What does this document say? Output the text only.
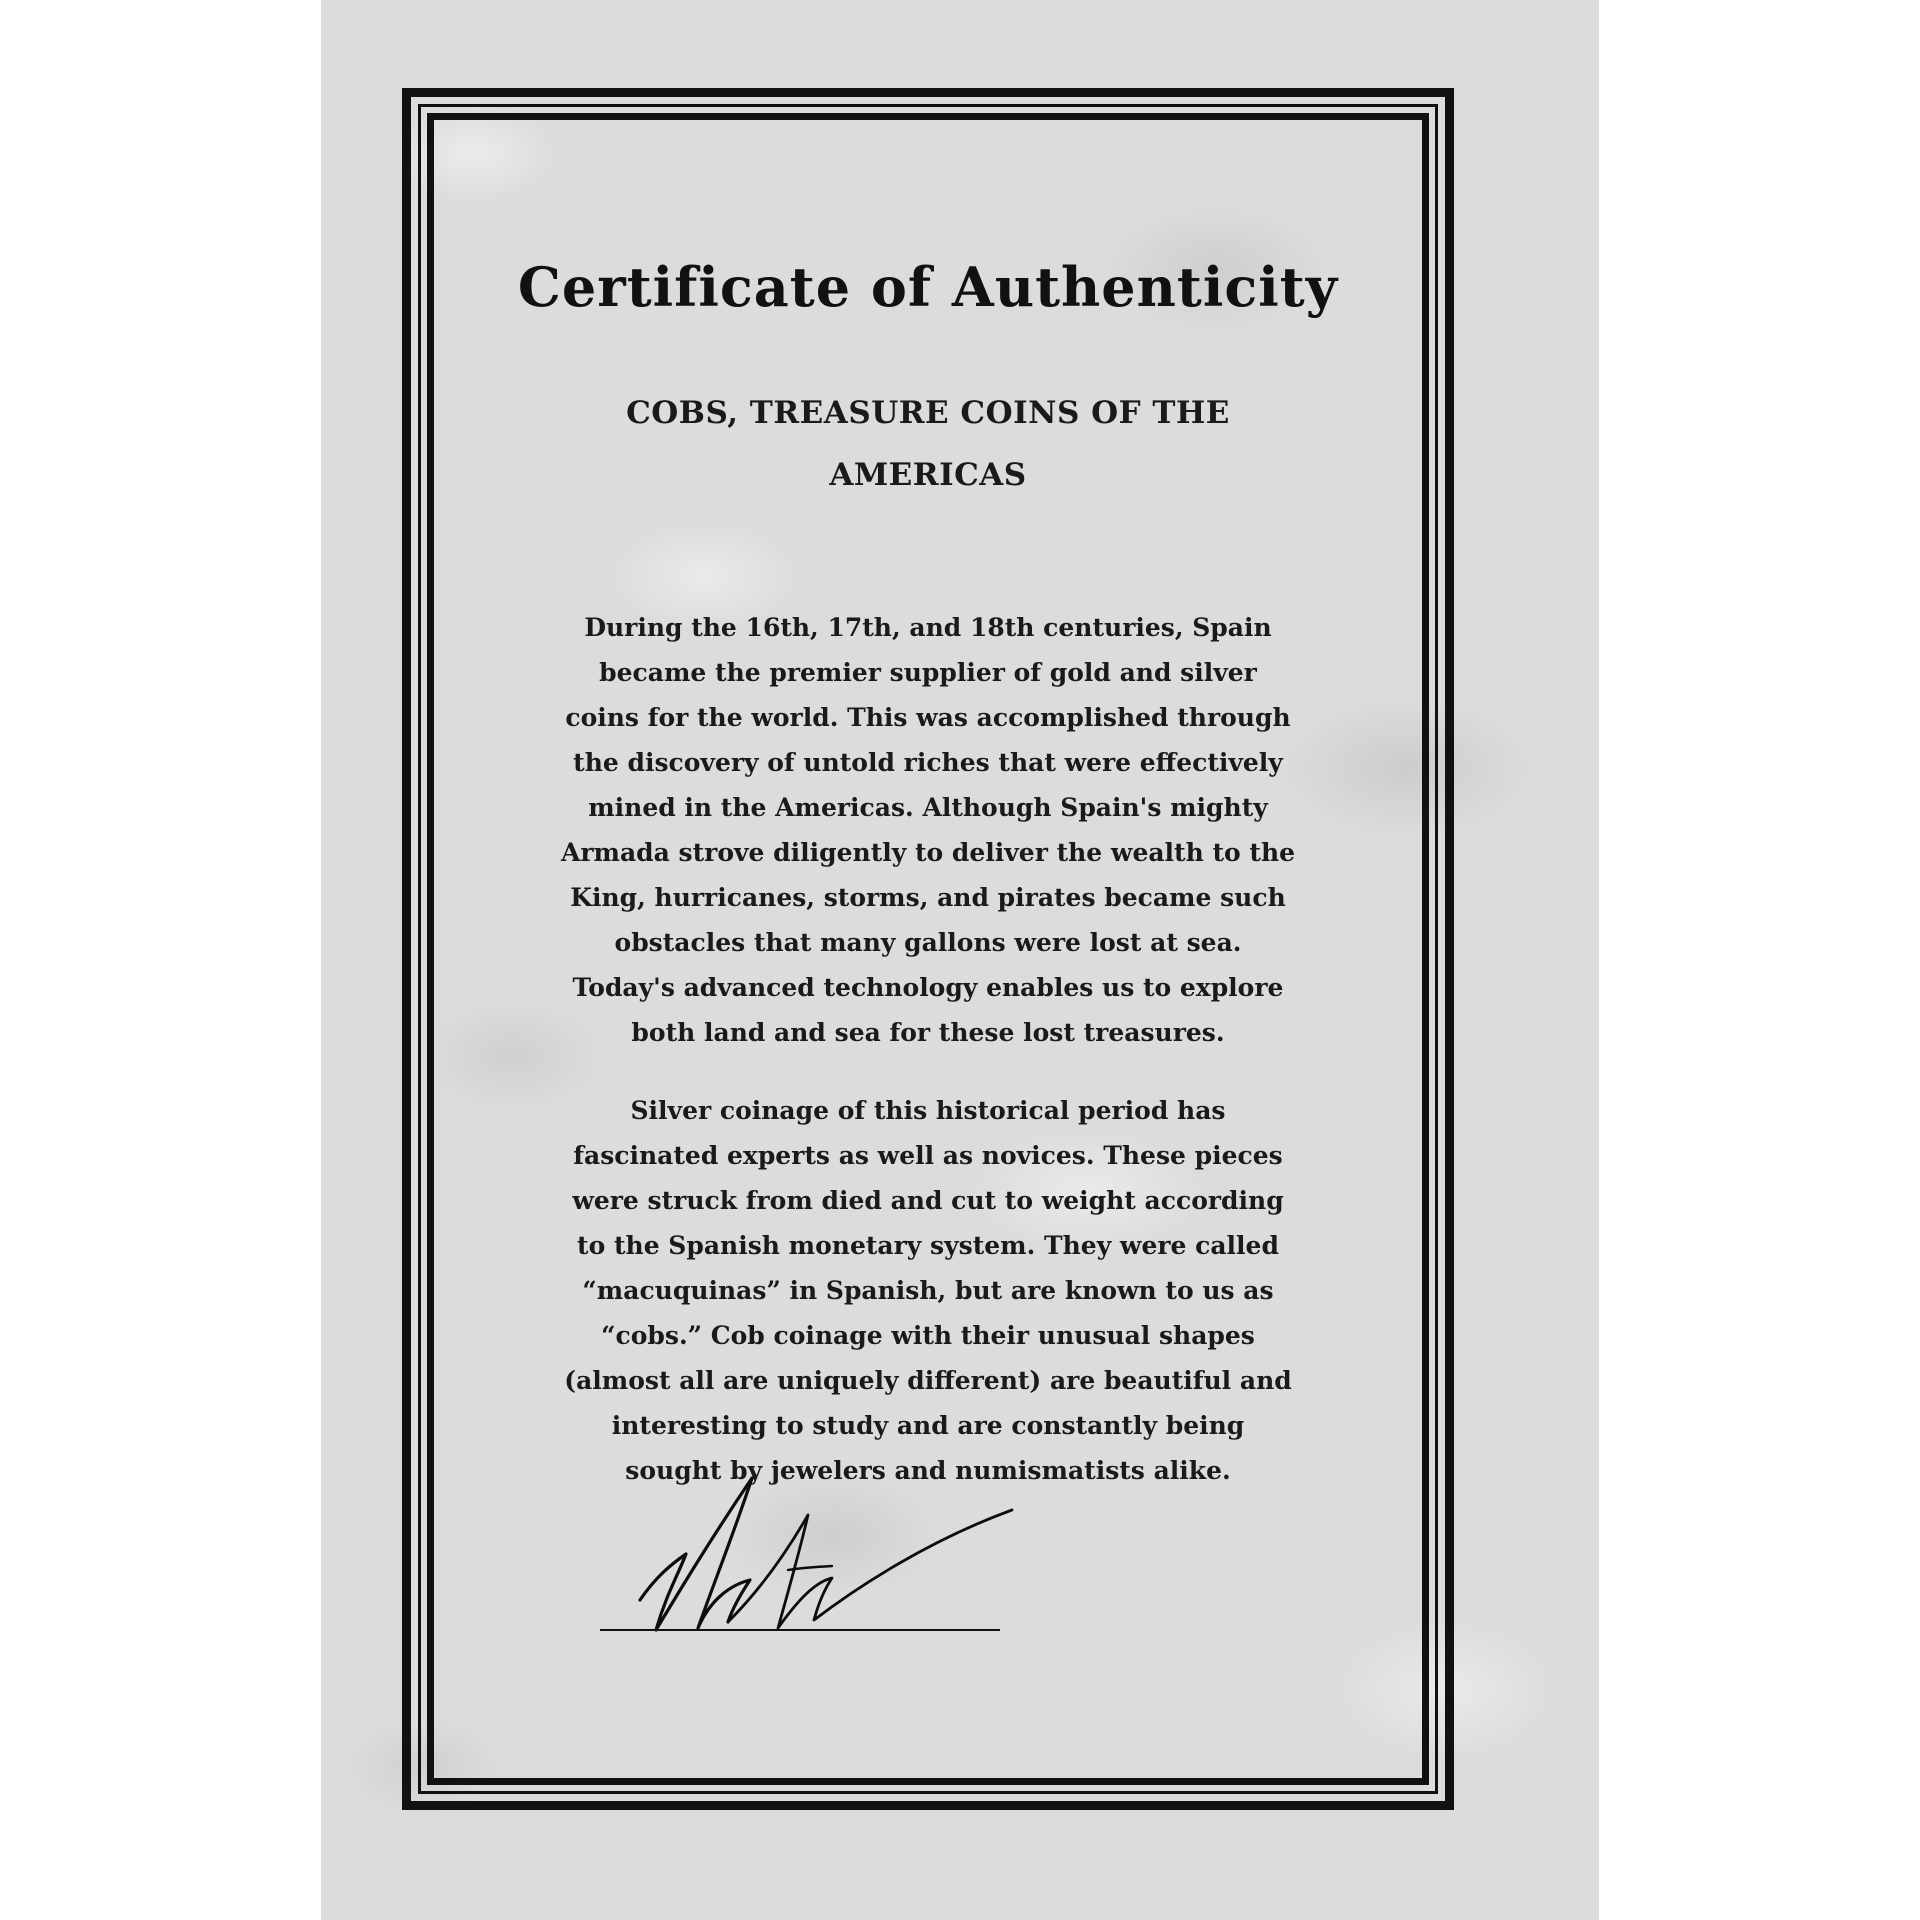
Certificate of Authenticity

COBS, TREASURE COINS OF THE AMERICAS

During the 16th, 17th, and 18th centuries, Spain became the premier supplier of gold and silver coins for the world. This was accomplished through the discovery of untold riches that were effectively mined in the Americas. Although Spain's mighty Armada strove diligently to deliver the wealth to the King, hurricanes, storms, and pirates became such obstacles that many gallons were lost at sea. Today's advanced technology enables us to explore both land and sea for these lost treasures.

Silver coinage of this historical period has fascinated experts as well as novices. These pieces were struck from died and cut to weight according to the Spanish monetary system. They were called “macuquinas” in Spanish, but are known to us as “cobs.” Cob coinage with their unusual shapes (almost all are uniquely different) are beautiful and interesting to study and are constantly being sought by jewelers and numismatists alike.
